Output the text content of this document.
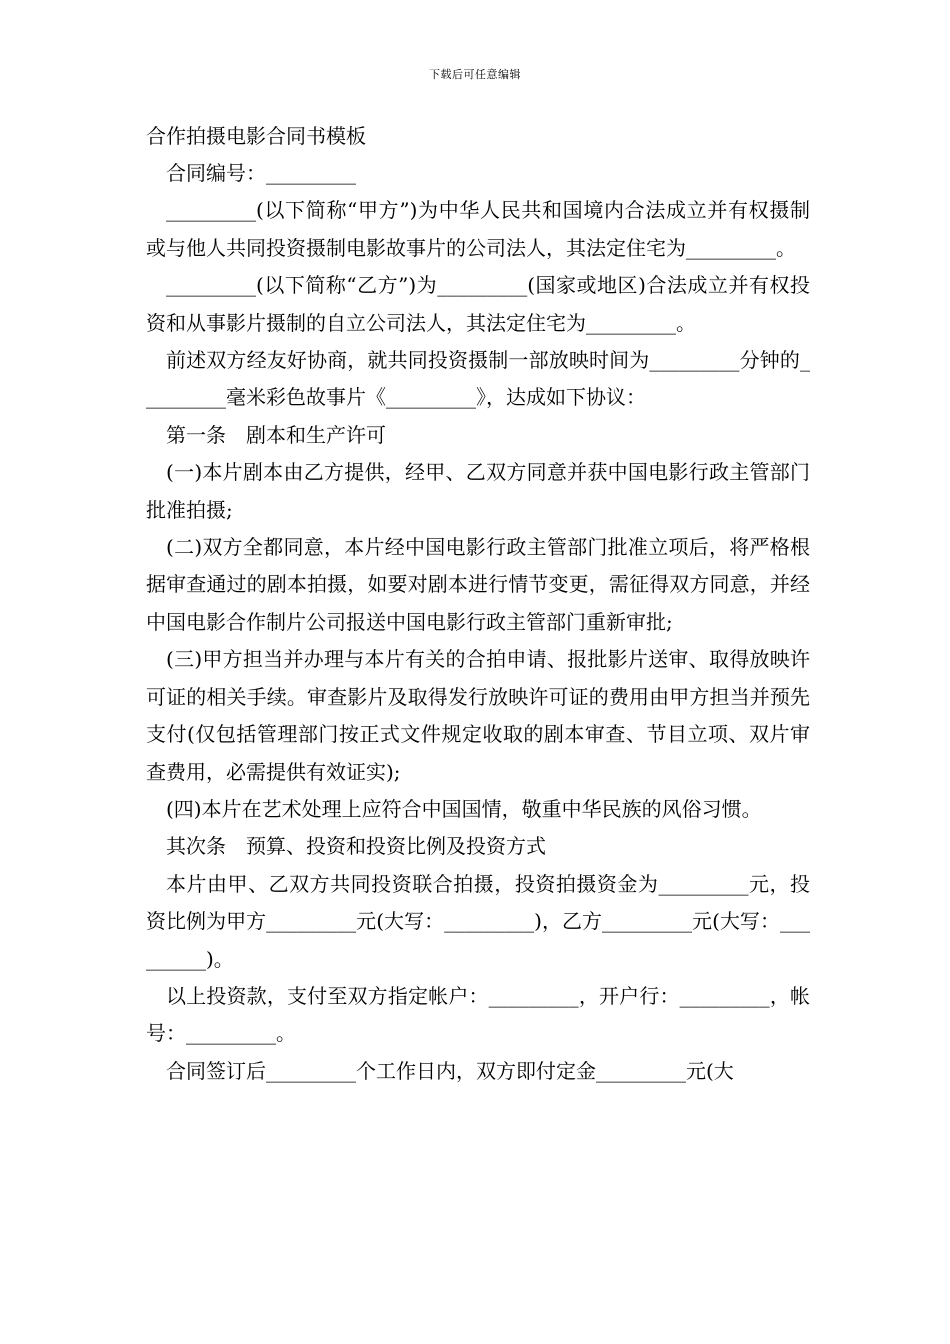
下载后可任意编辑

合作拍摄电影合同书模板

合同编号：_________

_________(以下简称“甲方”)为中华人民共和国境内合法成立并有权摄制或与他人共同投资摄制电影故事片的公司法人，其法定住宅为_________。

_________(以下简称“乙方”)为_________(国家或地区)合法成立并有权投资和从事影片摄制的自立公司法人，其法定住宅为_________。

前述双方经友好协商，就共同投资摄制一部放映时间为_________分钟的_________毫米彩色故事片《_________》，达成如下协议：

第一条　剧本和生产许可

(一)本片剧本由乙方提供，经甲、乙双方同意并获中国电影行政主管部门批准拍摄;

(二)双方全都同意，本片经中国电影行政主管部门批准立项后，将严格根据审查通过的剧本拍摄，如要对剧本进行情节变更，需征得双方同意，并经中国电影合作制片公司报送中国电影行政主管部门重新审批;

(三)甲方担当并办理与本片有关的合拍申请、报批影片送审、取得放映许可证的相关手续。审查影片及取得发行放映许可证的费用由甲方担当并预先支付(仅包括管理部门按正式文件规定收取的剧本审查、节目立项、双片审查费用，必需提供有效证实);

(四)本片在艺术处理上应符合中国国情，敬重中华民族的风俗习惯。

其次条　预算、投资和投资比例及投资方式

本片由甲、乙双方共同投资联合拍摄，投资拍摄资金为_________元，投资比例为甲方_________元(大写：_________)，乙方_________元(大写：_________)。

以上投资款，支付至双方指定帐户：_________，开户行：_________，帐号：_________。

合同签订后_________个工作日内，双方即付定金_________元(大
